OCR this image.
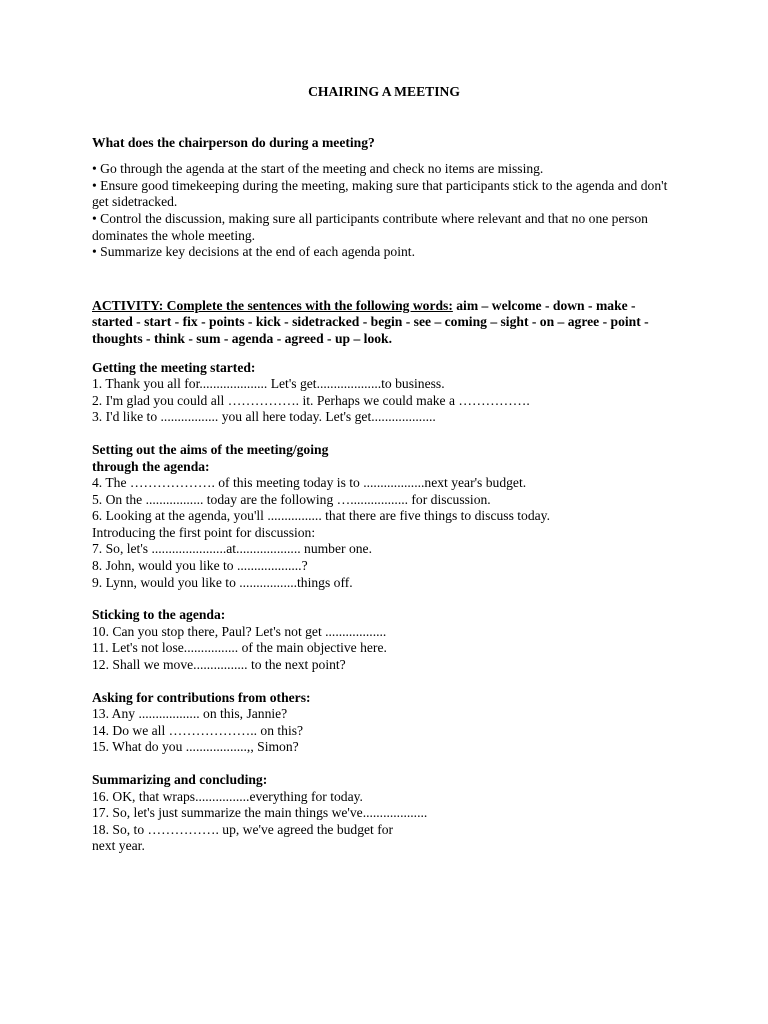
CHAIRING A MEETING
What does the chairperson do during a meeting?
• Go through the agenda at the start of the meeting and check no items are missing.
• Ensure good timekeeping during the meeting, making sure that participants stick to the agenda and don't get sidetracked.
• Control the discussion, making sure all participants contribute where relevant and that no one person dominates the whole meeting.
• Summarize key decisions at the end of each agenda point.
ACTIVITY: Complete the sentences with the following words: aim – welcome - down - make - started - start - fix - points - kick - sidetracked - begin - see – coming – sight - on – agree - point - thoughts - think - sum - agenda - agreed - up – look.
Getting the meeting started:
1. Thank you all for.................... Let's get...................to business.
2. I'm glad you could all ……………. it. Perhaps we could make a …………….
3. I'd like to ................. you all here today. Let's get...................
Setting out the aims of the meeting/going
through the agenda:
4. The ………………. of this meeting today is to ..................next year's budget.
5. On the ................. today are the following …................. for discussion.
6. Looking at the agenda, you'll ................ that there are five things to discuss today.
Introducing the first point for discussion:
7. So, let's ......................at................... number one.
8. John, would you like to ...................?
9. Lynn, would you like to .................things off.
Sticking to the agenda:
10. Can you stop there, Paul? Let's not get ..................
11. Let's not lose................ of the main objective here.
12. Shall we move................ to the next point?
Asking for contributions from others:
13. Any .................. on this, Jannie?
14. Do we all ……………….. on this?
15. What do you ..................,, Simon?
Summarizing and concluding:
16. OK, that wraps................everything for today.
17. So, let's just summarize the main things we've...................
18. So, to ……………. up, we've agreed the budget for
next year.
